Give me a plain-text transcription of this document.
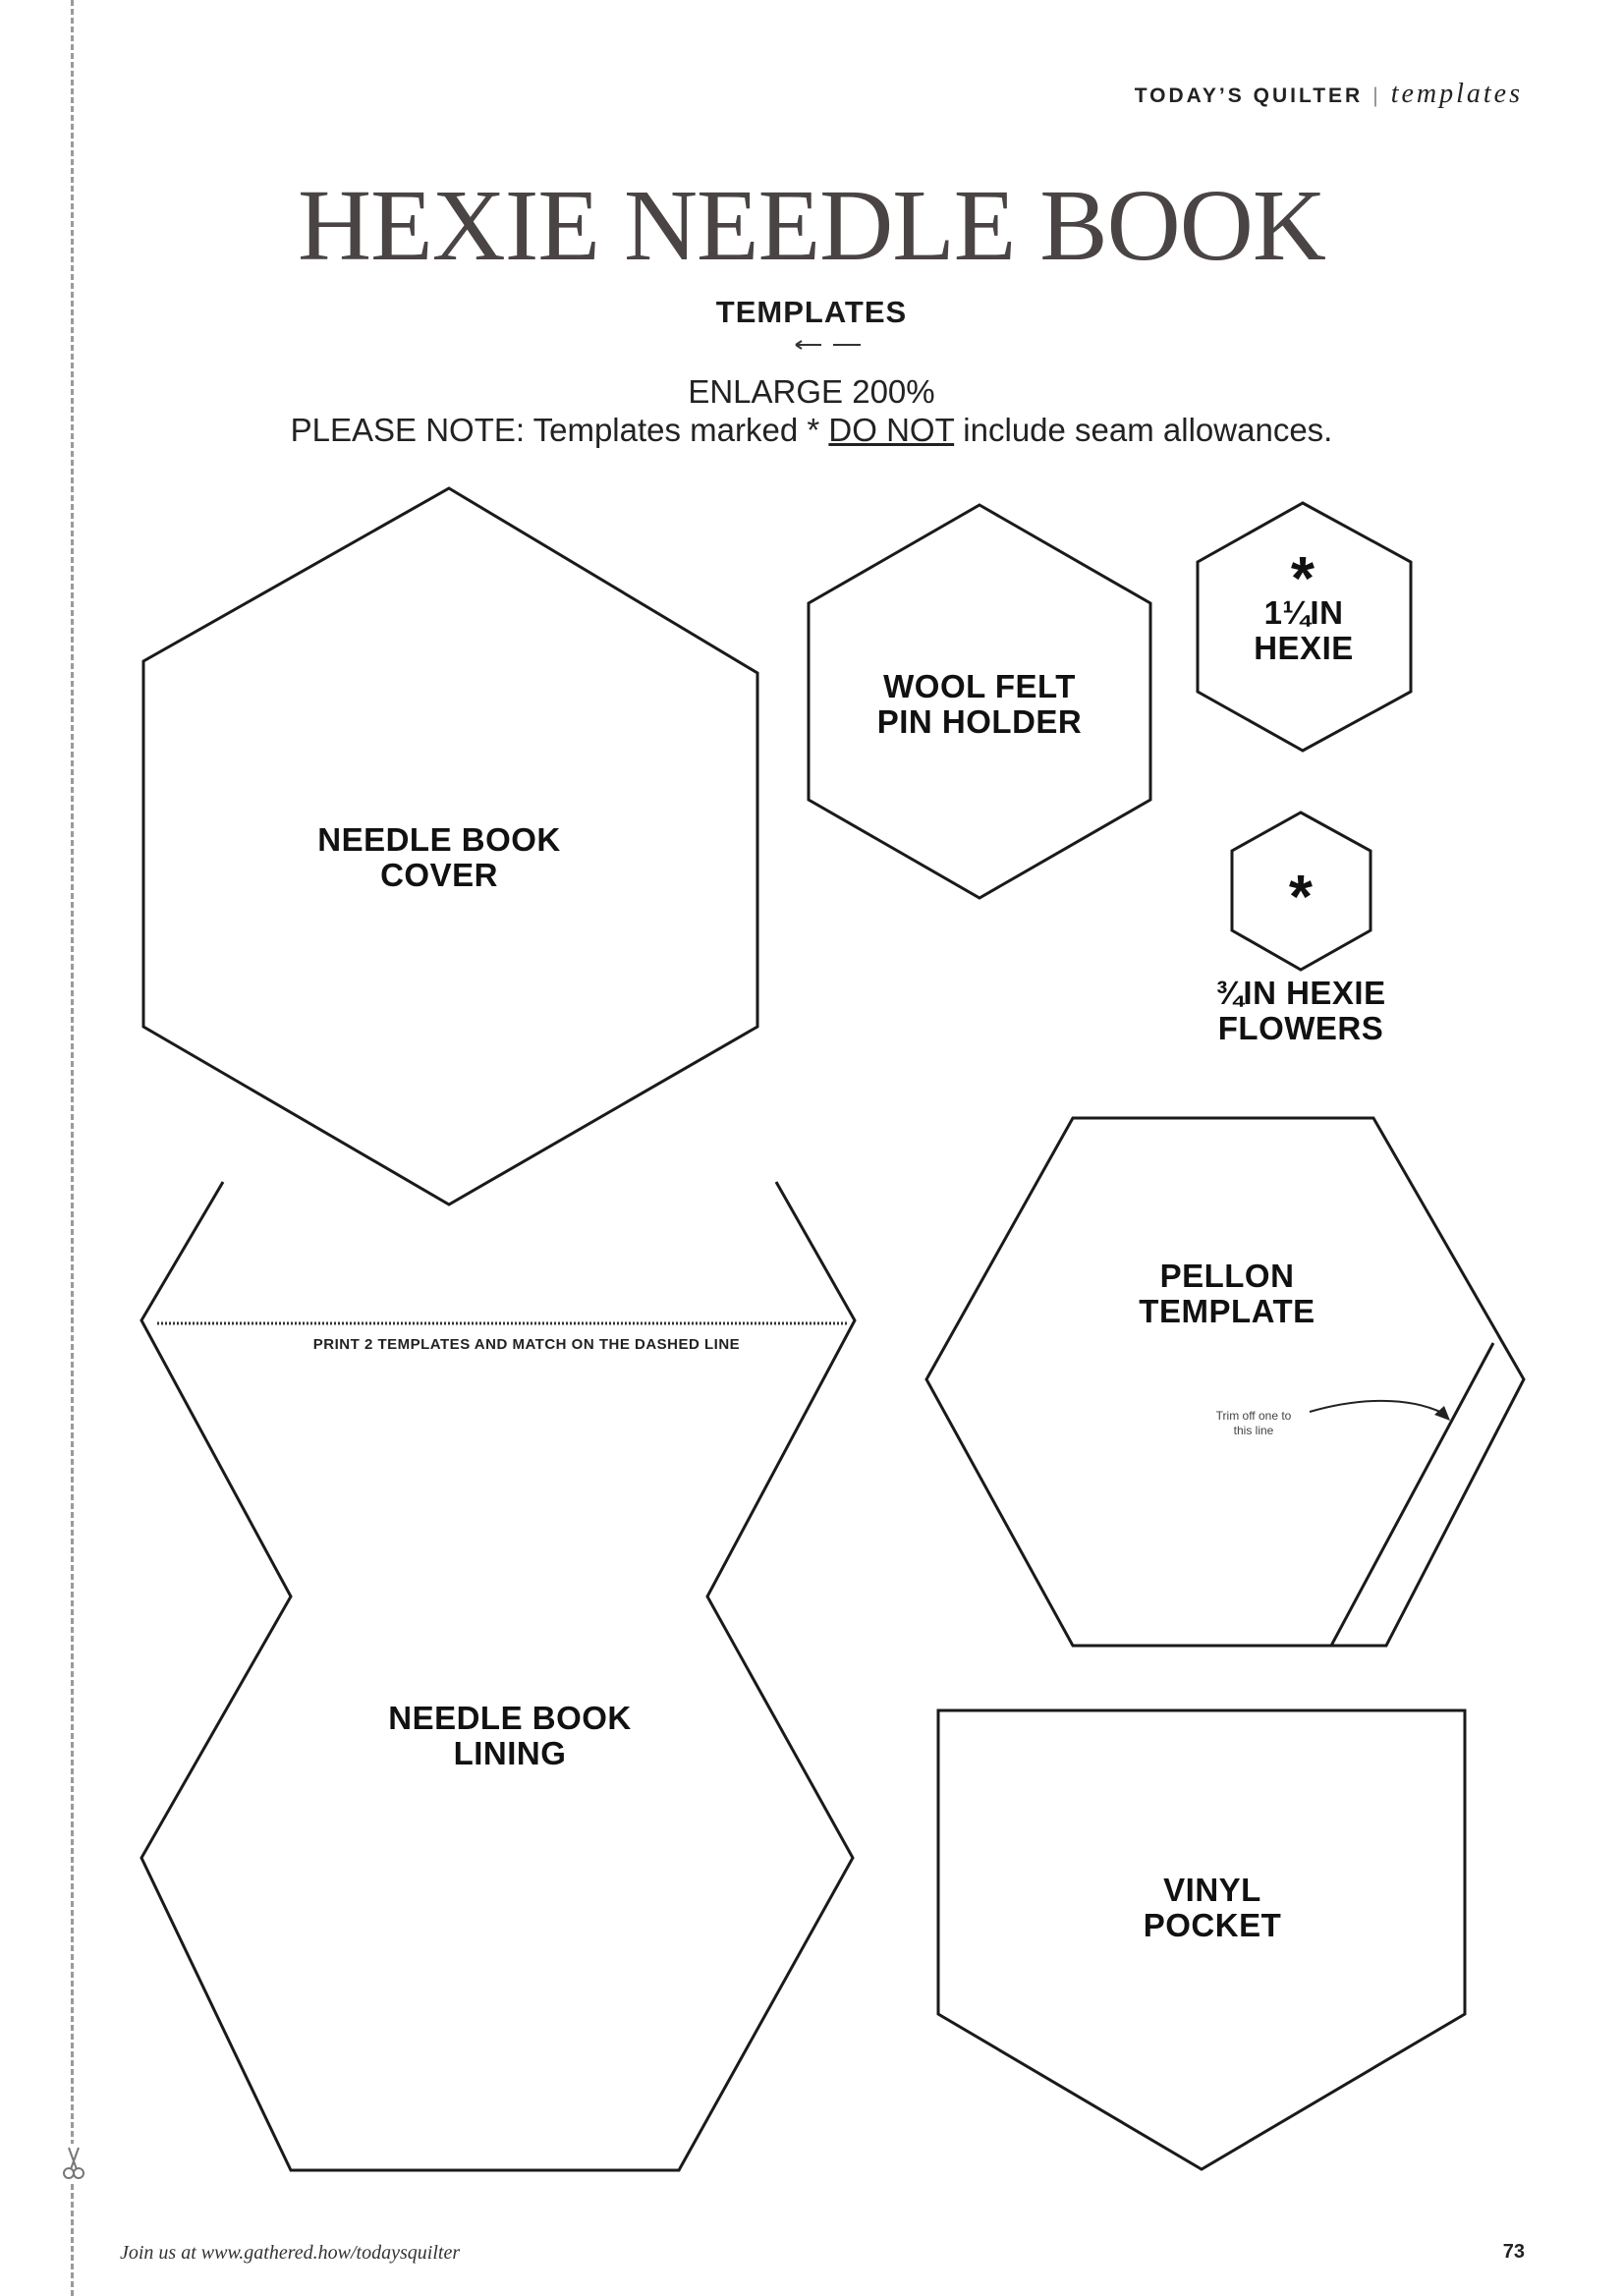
TODAY’S QUILTER | templates
HEXIE NEEDLE BOOK
TEMPLATES
ENLARGE 200%
PLEASE NOTE: Templates marked * DO NOT include seam allowances.
NEEDLE BOOK
COVER
WOOL FELT
PIN HOLDER
*
1¼IN
HEXIE
*
¾IN HEXIE
FLOWERS
PRINT 2 TEMPLATES AND MATCH ON THE DASHED LINE
NEEDLE BOOK
LINING
PELLON
TEMPLATE
Trim off one to
this line
VINYL
POCKET
Join us at www.gathered.how/todaysquilter	73
